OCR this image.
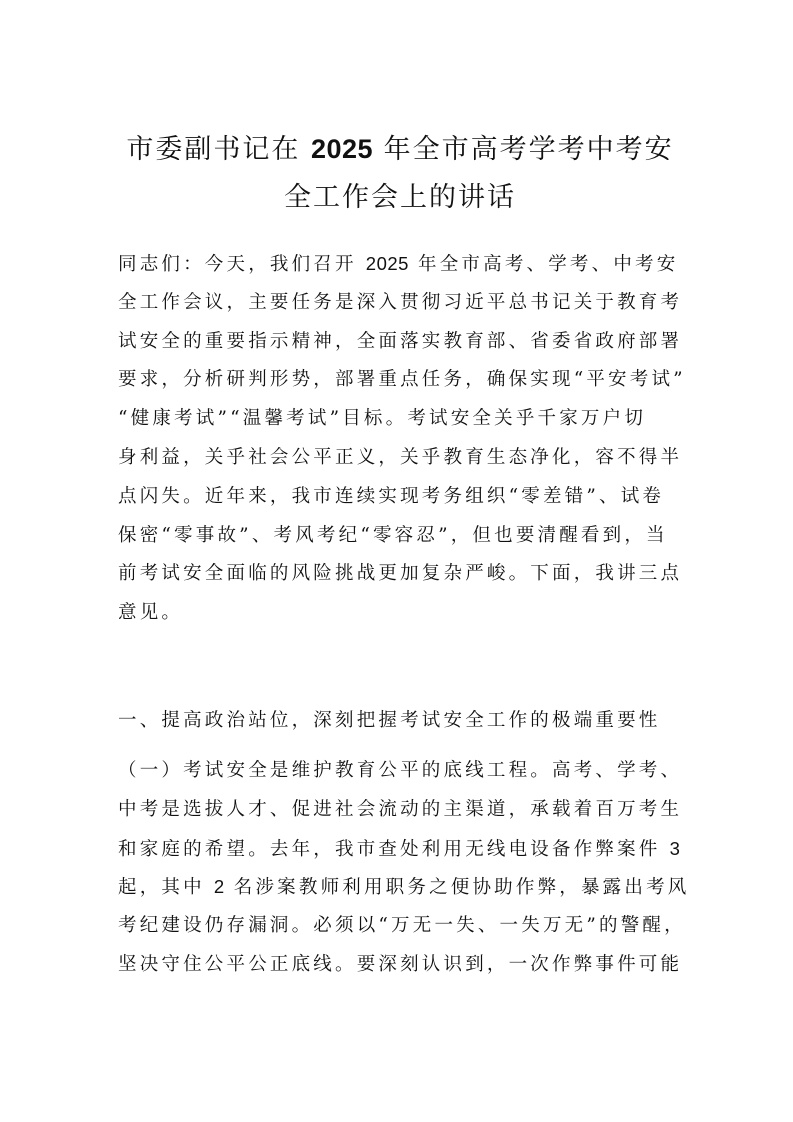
市委副书记在 2025 年全市高考学考中考安
全工作会上的讲话
同志们：今天，我们召开 2025 年全市高考、学考、中考安
全工作会议，主要任务是深入贯彻习近平总书记关于教育考
试安全的重要指示精神，全面落实教育部、省委省政府部署
要求，分析研判形势，部署重点任务，确保实现“平安考试”
“健康考试”“温馨考试”目标。考试安全关乎千家万户切
身利益，关乎社会公平正义，关乎教育生态净化，容不得半
点闪失。近年来，我市连续实现考务组织“零差错”、试卷
保密“零事故”、考风考纪“零容忍”，但也要清醒看到，当
前考试安全面临的风险挑战更加复杂严峻。下面，我讲三点
意见。
一、提高政治站位，深刻把握考试安全工作的极端重要性
（一）考试安全是维护教育公平的底线工程。高考、学考、
中考是选拔人才、促进社会流动的主渠道，承载着百万考生
和家庭的希望。去年，我市查处利用无线电设备作弊案件 3
起，其中 2 名涉案教师利用职务之便协助作弊，暴露出考风
考纪建设仍存漏洞。必须以“万无一失、一失万无”的警醒，
坚决守住公平公正底线。要深刻认识到，一次作弊事件可能
